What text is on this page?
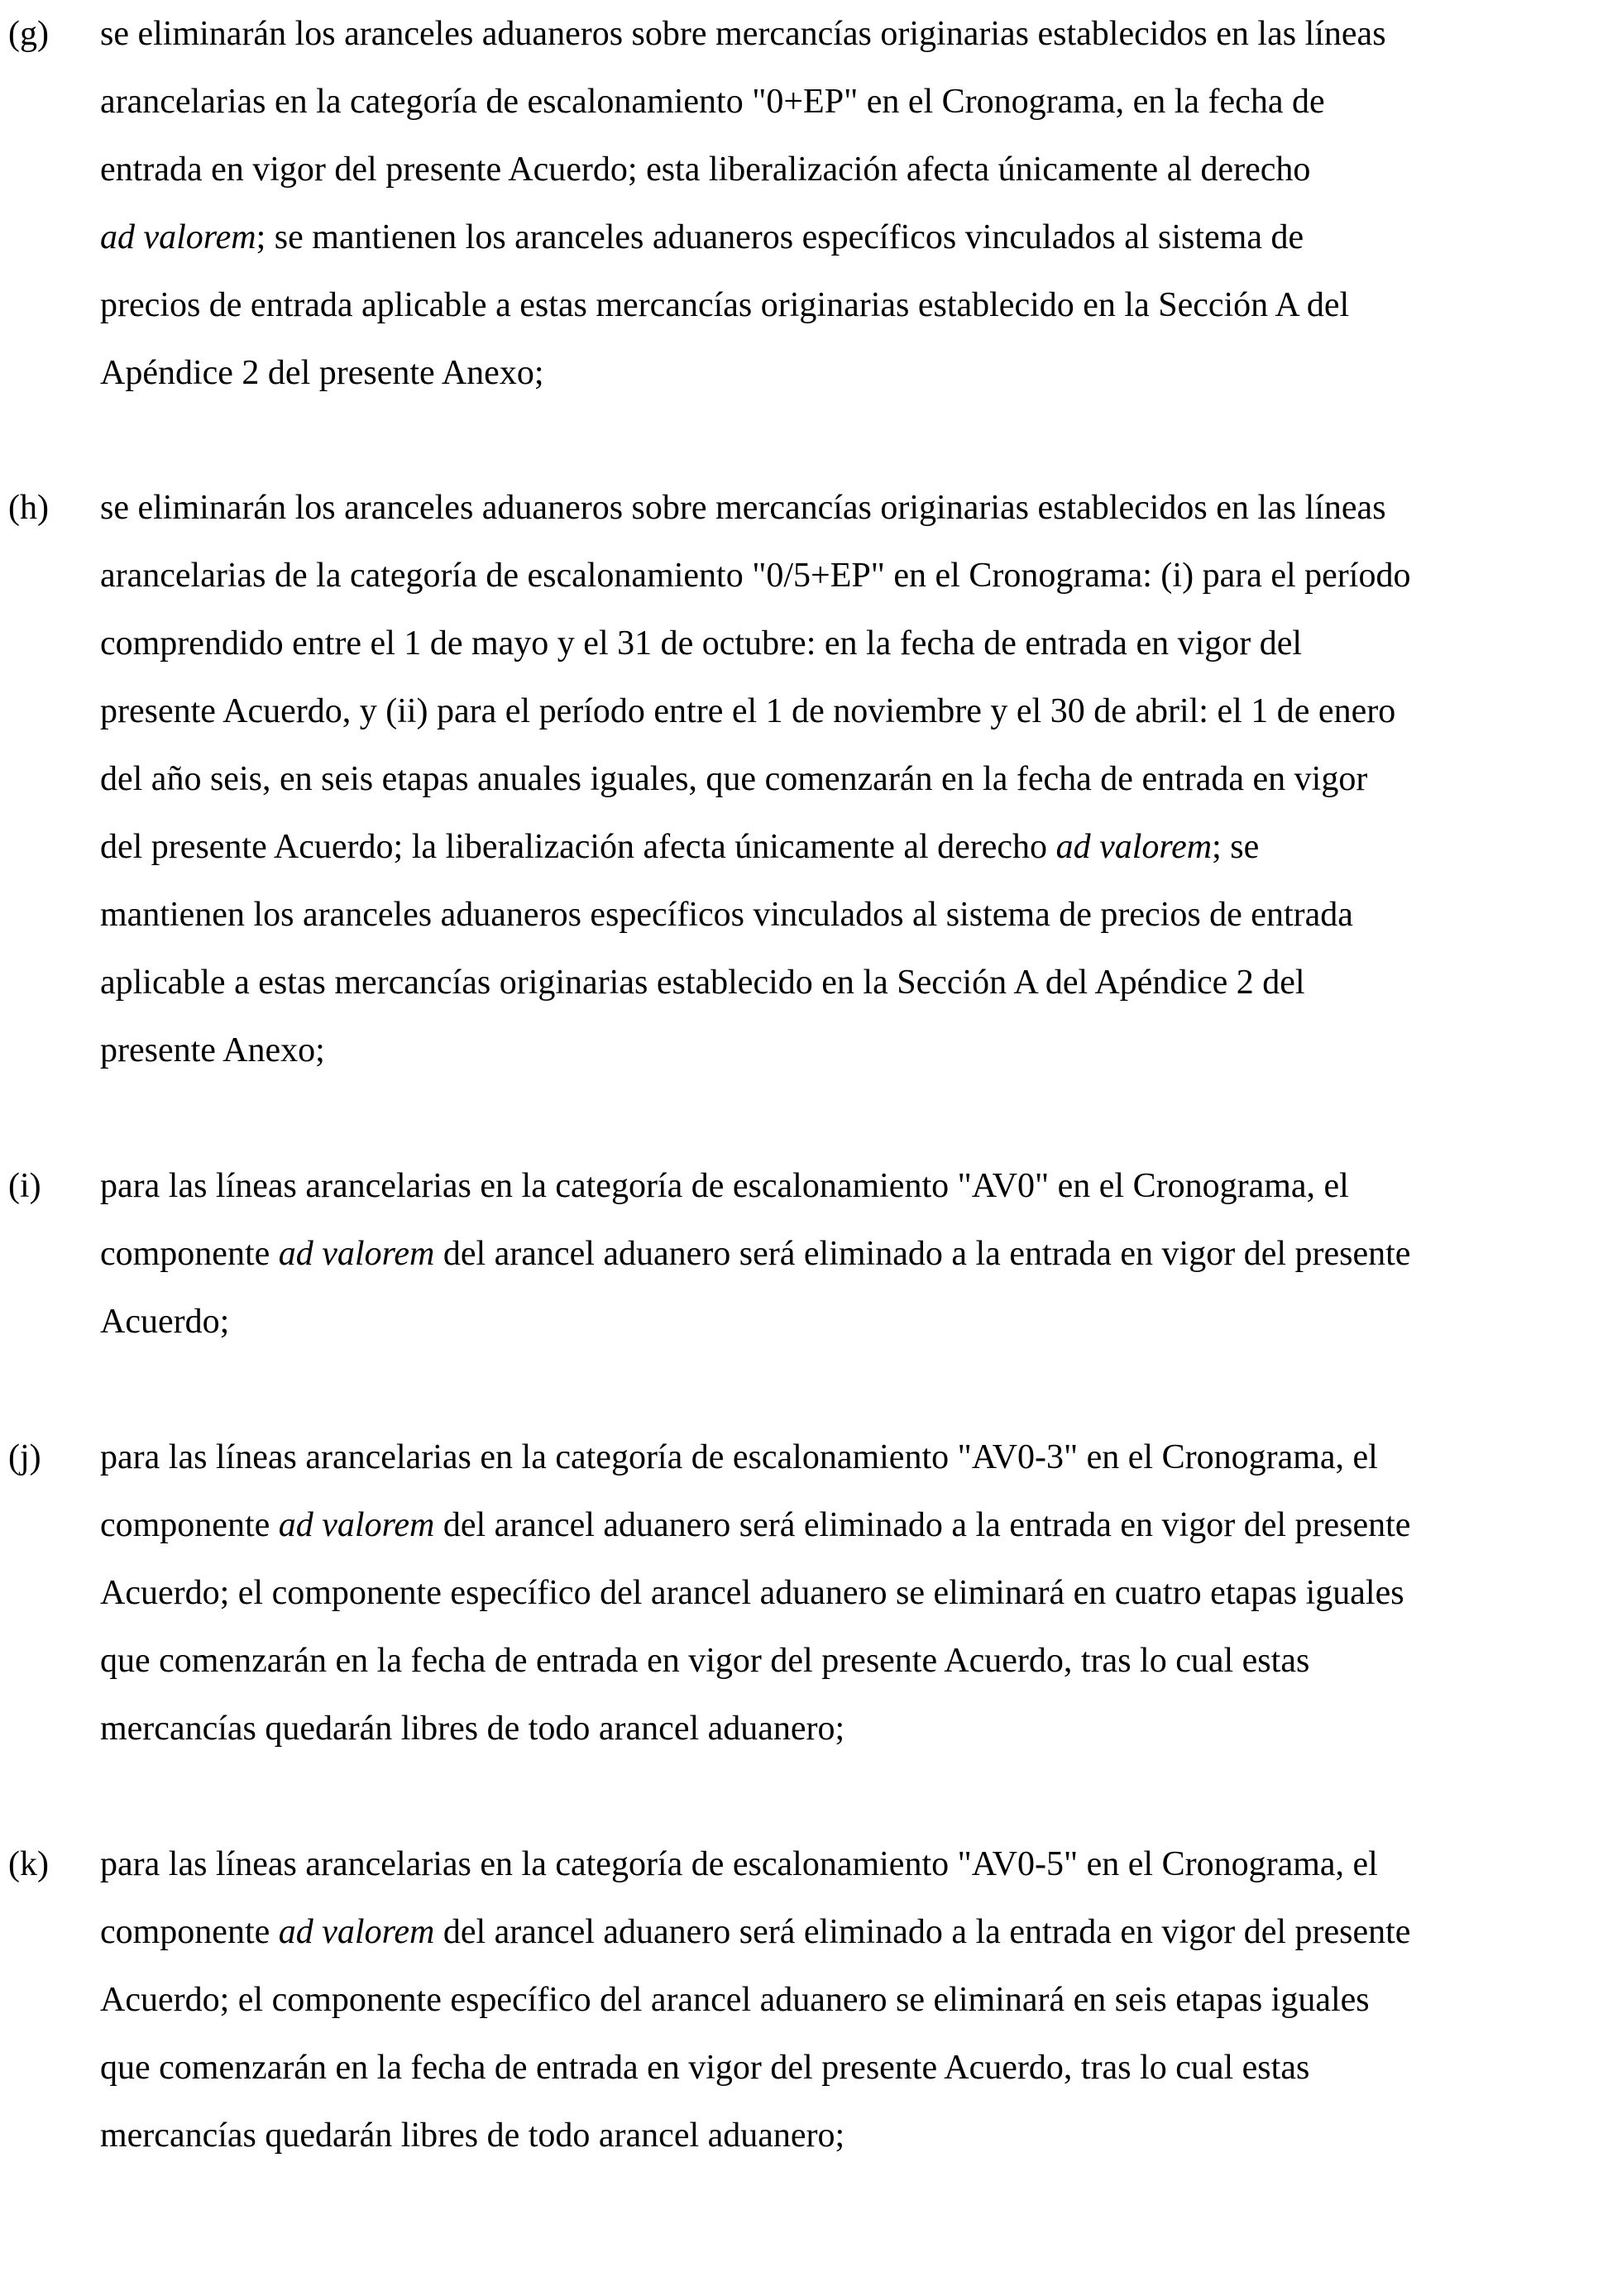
(g) se eliminarán los aranceles aduaneros sobre mercancías originarias establecidos en las líneas
arancelarias en la categoría de escalonamiento "0+EP" en el Cronograma, en la fecha de
entrada en vigor del presente Acuerdo; esta liberalización afecta únicamente al derecho
ad valorem; se mantienen los aranceles aduaneros específicos vinculados al sistema de
precios de entrada aplicable a estas mercancías originarias establecido en la Sección A del
Apéndice 2 del presente Anexo;
(h) se eliminarán los aranceles aduaneros sobre mercancías originarias establecidos en las líneas
arancelarias de la categoría de escalonamiento "0/5+EP" en el Cronograma: (i) para el período
comprendido entre el 1 de mayo y el 31 de octubre: en la fecha de entrada en vigor del
presente Acuerdo, y (ii) para el período entre el 1 de noviembre y el 30 de abril: el 1 de enero
del año seis, en seis etapas anuales iguales, que comenzarán en la fecha de entrada en vigor
del presente Acuerdo; la liberalización afecta únicamente al derecho ad valorem; se
mantienen los aranceles aduaneros específicos vinculados al sistema de precios de entrada
aplicable a estas mercancías originarias establecido en la Sección A del Apéndice 2 del
presente Anexo;
(i) para las líneas arancelarias en la categoría de escalonamiento "AV0" en el Cronograma, el
componente ad valorem del arancel aduanero será eliminado a la entrada en vigor del presente
Acuerdo;
(j) para las líneas arancelarias en la categoría de escalonamiento "AV0-3" en el Cronograma, el
componente ad valorem del arancel aduanero será eliminado a la entrada en vigor del presente
Acuerdo; el componente específico del arancel aduanero se eliminará en cuatro etapas iguales
que comenzarán en la fecha de entrada en vigor del presente Acuerdo, tras lo cual estas
mercancías quedarán libres de todo arancel aduanero;
(k) para las líneas arancelarias en la categoría de escalonamiento "AV0-5" en el Cronograma, el
componente ad valorem del arancel aduanero será eliminado a la entrada en vigor del presente
Acuerdo; el componente específico del arancel aduanero se eliminará en seis etapas iguales
que comenzarán en la fecha de entrada en vigor del presente Acuerdo, tras lo cual estas
mercancías quedarán libres de todo arancel aduanero;
